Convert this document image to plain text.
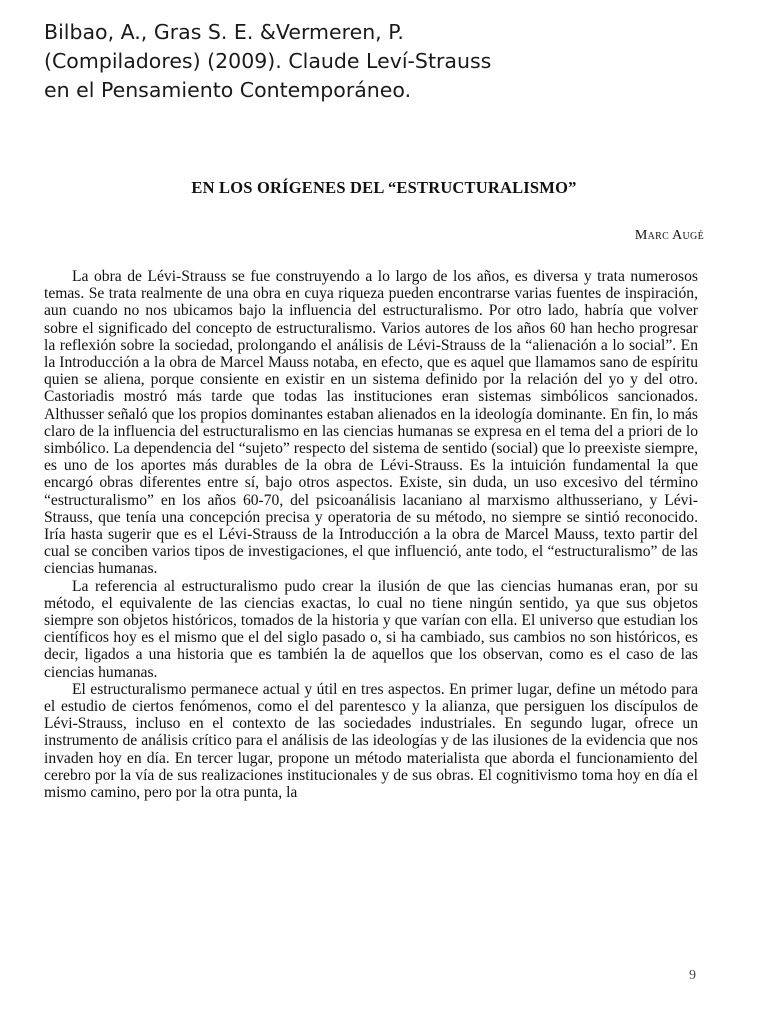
Bilbao, A., Gras S. E. &Vermeren, P.
(Compiladores) (2009). Claude Leví-Strauss
en el Pensamiento Contemporáneo.
EN LOS ORÍGENES DEL “ESTRUCTURALISMO”
Marc Augé

La obra de Lévi-Strauss se fue construyendo a lo largo de los años, es diversa y trata numerosos temas. Se trata realmente de una obra en cuya riqueza pueden encontrarse varias fuentes de inspiración, aun cuando no nos ubicamos bajo la influencia del estructuralismo. Por otro lado, habría que volver sobre el significado del concepto de estructuralismo. Varios autores de los años 60 han hecho progresar la reflexión sobre la sociedad, prolongando el análisis de Lévi-Strauss de la “alienación a lo social”. En la Introducción a la obra de Marcel Mauss notaba, en efecto, que es aquel que llamamos sano de espíritu quien se aliena, porque consiente en existir en un sistema definido por la relación del yo y del otro. Castoriadis mostró más tarde que todas las instituciones eran sistemas simbólicos sancionados. Althusser señaló que los propios dominantes estaban alienados en la ideología dominante. En fin, lo más claro de la influencia del estructuralismo en las ciencias humanas se expresa en el tema del a priori de lo simbólico. La dependencia del “sujeto” respecto del sistema de sentido (social) que lo preexiste siempre, es uno de los aportes más durables de la obra de Lévi-Strauss. Es la intuición fundamental la que encargó obras diferentes entre sí, bajo otros aspectos. Existe, sin duda, un uso excesivo del término “estructuralismo” en los años 60-70, del psicoanálisis lacaniano al marxismo althusseriano, y Lévi-Strauss, que tenía una concepción precisa y operatoria de su método, no siempre se sintió reconocido. Iría hasta sugerir que es el Lévi-Strauss de la Introducción a la obra de Marcel Mauss, texto partir del cual se conciben varios tipos de investigaciones, el que influenció, ante todo, el “estructuralismo” de las ciencias humanas.

La referencia al estructuralismo pudo crear la ilusión de que las ciencias humanas eran, por su método, el equivalente de las ciencias exactas, lo cual no tiene ningún sentido, ya que sus objetos siempre son objetos históricos, tomados de la historia y que varían con ella. El universo que estudian los científicos hoy es el mismo que el del siglo pasado o, si ha cambiado, sus cambios no son históricos, es decir, ligados a una historia que es también la de aquellos que los observan, como es el caso de las ciencias humanas.

El estructuralismo permanece actual y útil en tres aspectos. En primer lugar, define un método para el estudio de ciertos fenómenos, como el del parentesco y la alianza, que persiguen los discípulos de Lévi-Strauss, incluso en el contexto de las sociedades industriales. En segundo lugar, ofrece un instrumento de análisis crítico para el análisis de las ideologías y de las ilusiones de la evidencia que nos invaden hoy en día. En tercer lugar, propone un método materialista que aborda el funcionamiento del cerebro por la vía de sus realizaciones institucionales y de sus obras. El cognitivismo toma hoy en día el mismo camino, pero por la otra punta, la

9
